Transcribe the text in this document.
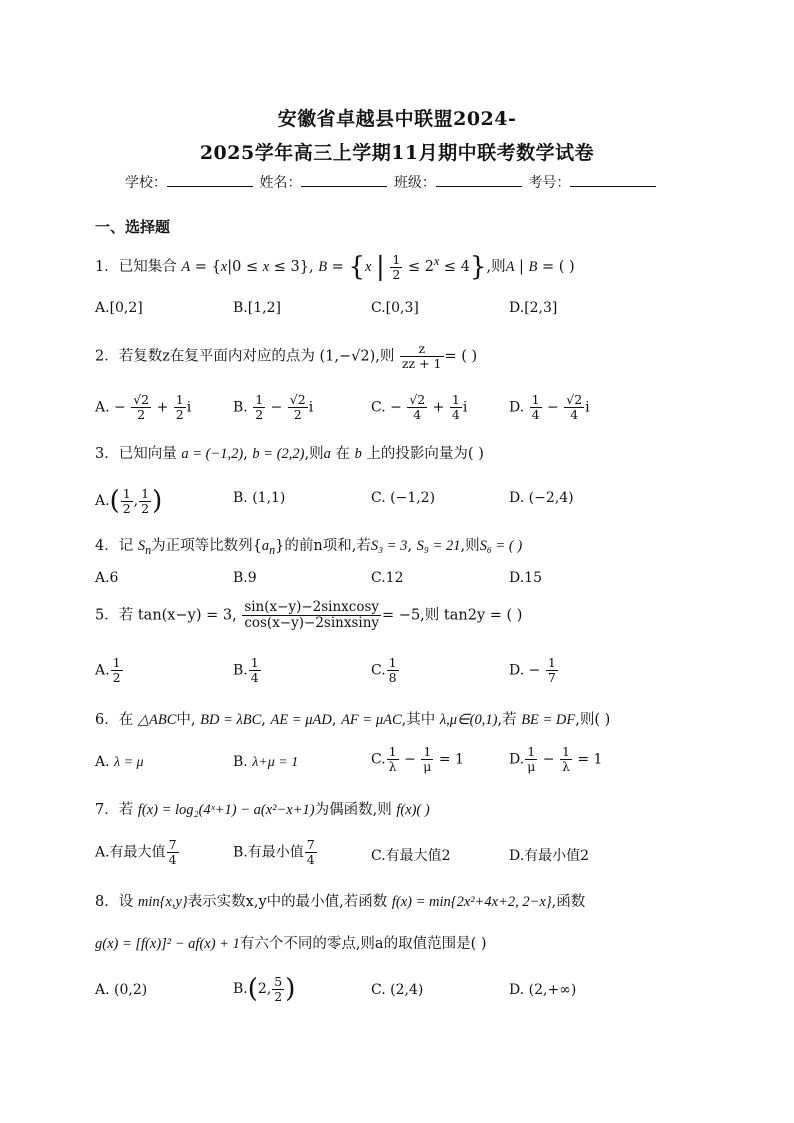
安徽省卓越县中联盟2024-
2025学年高三上学期11月期中联考数学试卷
学校：	姓名：	班级：	考号：
一、选择题
1．已知集合 A = {x|0 ≤ x ≤ 3}, B = {x | $\frac{1}{2} \le 2^x \le 4$},则A | B = ( )
A.[0,2]	B.[1,2]	C.[0,3]	D.[2,3]
2．若复数z在复平面内对应的点为 (1,−√2),则 $\frac{z}{zz + 1}$ = ( )
A. − $\frac{√2}{2} + \frac{1}{2}$ i	B. $\frac{1}{2} - \frac{√2}{2}$ i	C. − $\frac{√2}{4} + \frac{1}{4}$ i	D. $\frac{1}{4} - \frac{√2}{4}$ i
3．已知向量 a = (−1,2), b = (2,2),则a 在 b 上的投影向量为( )
$A.( \frac{1}{2}$ , $\frac{1}{2}$ )	B. (1,1)	C. (−1,2)	D. (−2,4)
4．记 $S_n$为正项等比数列$\{a_n\}$的前n项和,若S₃ = 3, S₉ = 21,则S₆ = ( )
A.6	B.9	C.12	D.15
5．若 tan(x−y) = 3, $\frac{\text{sin(x−y)−2sinxcosy}}{\text{cos(x−y)−2sinxsiny}} = -5$,则 tan2y = ( )
A. $\frac{1}{2}$	B. $\frac{1}{4}$	C. $\frac{1}{8}$	D. − $\frac{1}{7}$
6．在 △ABC中, BD = λBC, AE = μAD, AF = μAC,其中 λ,μ∈(0,1),若 BE = DF,则( )
A. λ = μ	B. λ+μ = 1	C. $\frac{1}{\lambda} - \frac{1}{\mu} = 1$	D. $\frac{1}{\mu} - \frac{1}{\lambda} = 1$
7．若 f(x) = log₂(4ˣ+1) − a(x²−x+1)为偶函数,则 f(x)( )
A.有最大值 $\frac{7}{4}$	B.有最小值 $\frac{7}{4}$	C.有最大值2	D.有最小值2
8．设 min{x,y}表示实数x,y中的最小值,若函数 f(x) = min{2x²+4x+2, 2−x},函数
g(x) = [f(x)]² − af(x) + 1有六个不同的零点,则a的取值范围是( )
A. (0,2)	B.(2, $\frac{5}{2}$ )	C. (2,4)	D. (2,+∞)
